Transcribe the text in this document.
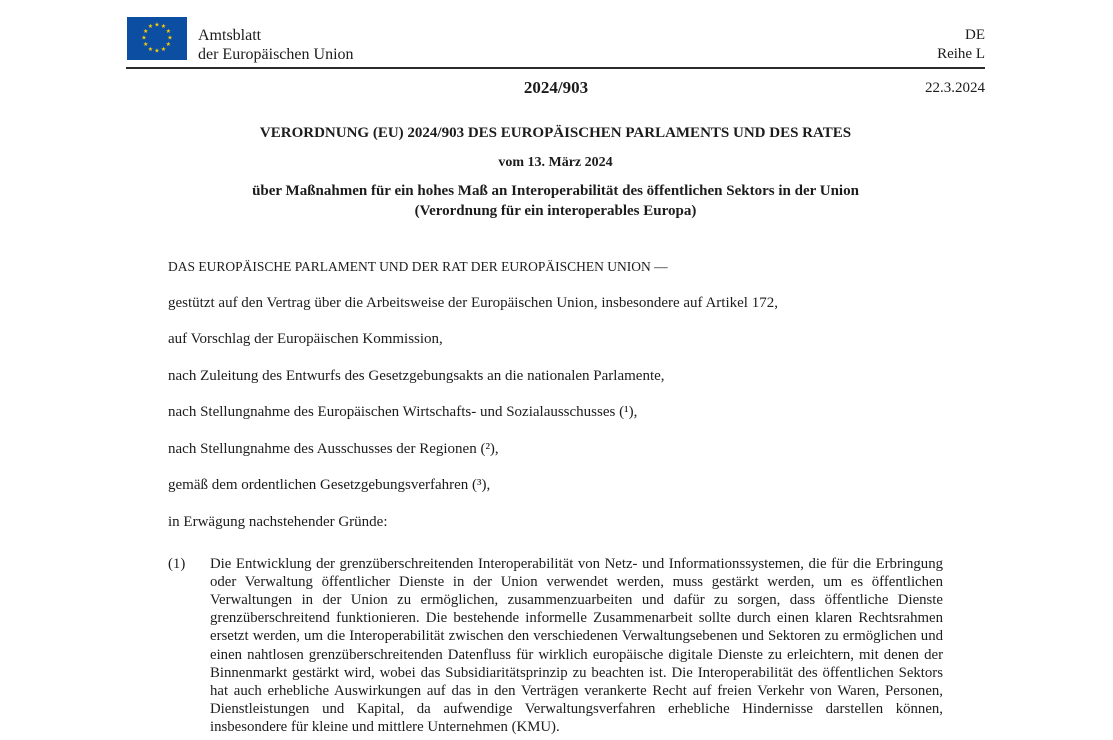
★ ★
★
★
★
★
★
★
★
★
★
★	Amtsblatt
der Europäischen Union
DE
Reihe L
2024/903	22.3.2024
VERORDNUNG (EU) 2024/903 DES EUROPÄISCHEN PARLAMENTS UND DES RATES
vom 13. März 2024
über Maßnahmen für ein hohes Maß an Interoperabilität des öffentlichen Sektors in der Union
(Verordnung für ein interoperables Europa)

DAS EUROPÄISCHE PARLAMENT UND DER RAT DER EUROPÄISCHEN UNION —

gestützt auf den Vertrag über die Arbeitsweise der Europäischen Union, insbesondere auf Artikel 172,

auf Vorschlag der Europäischen Kommission,

nach Zuleitung des Entwurfs des Gesetzgebungsakts an die nationalen Parlamente,

nach Stellungnahme des Europäischen Wirtschafts- und Sozialausschusses (¹),

nach Stellungnahme des Ausschusses der Regionen (²),

gemäß dem ordentlichen Gesetzgebungsverfahren (³),

in Erwägung nachstehender Gründe:

(1)	Die Entwicklung der grenzüberschreitenden Interoperabilität von Netz- und Informationssystemen, die für die Erbringung oder Verwaltung öffentlicher Dienste in der Union verwendet werden, muss gestärkt werden, um es öffentlichen Verwaltungen in der Union zu ermöglichen, zusammenzuarbeiten und dafür zu sorgen, dass öffentliche Dienste grenzüberschreitend funktionieren. Die bestehende informelle Zusammenarbeit sollte durch einen klaren Rechtsrahmen ersetzt werden, um die Interoperabilität zwischen den verschiedenen Verwaltungsebenen und Sektoren zu ermöglichen und einen nahtlosen grenzüberschreitenden Datenfluss für wirklich europäische digitale Dienste zu erleichtern, mit denen der Binnenmarkt gestärkt wird, wobei das Subsidiaritätsprinzip zu beachten ist. Die Interoperabilität des öffentlichen Sektors hat auch erhebliche Auswirkungen auf das in den Verträgen verankerte Recht auf freien Verkehr von Waren, Personen, Dienstleistungen und Kapital, da aufwendige Verwaltungsverfahren erhebliche Hindernisse darstellen können, insbesondere für kleine und mittlere Unternehmen (KMU).
